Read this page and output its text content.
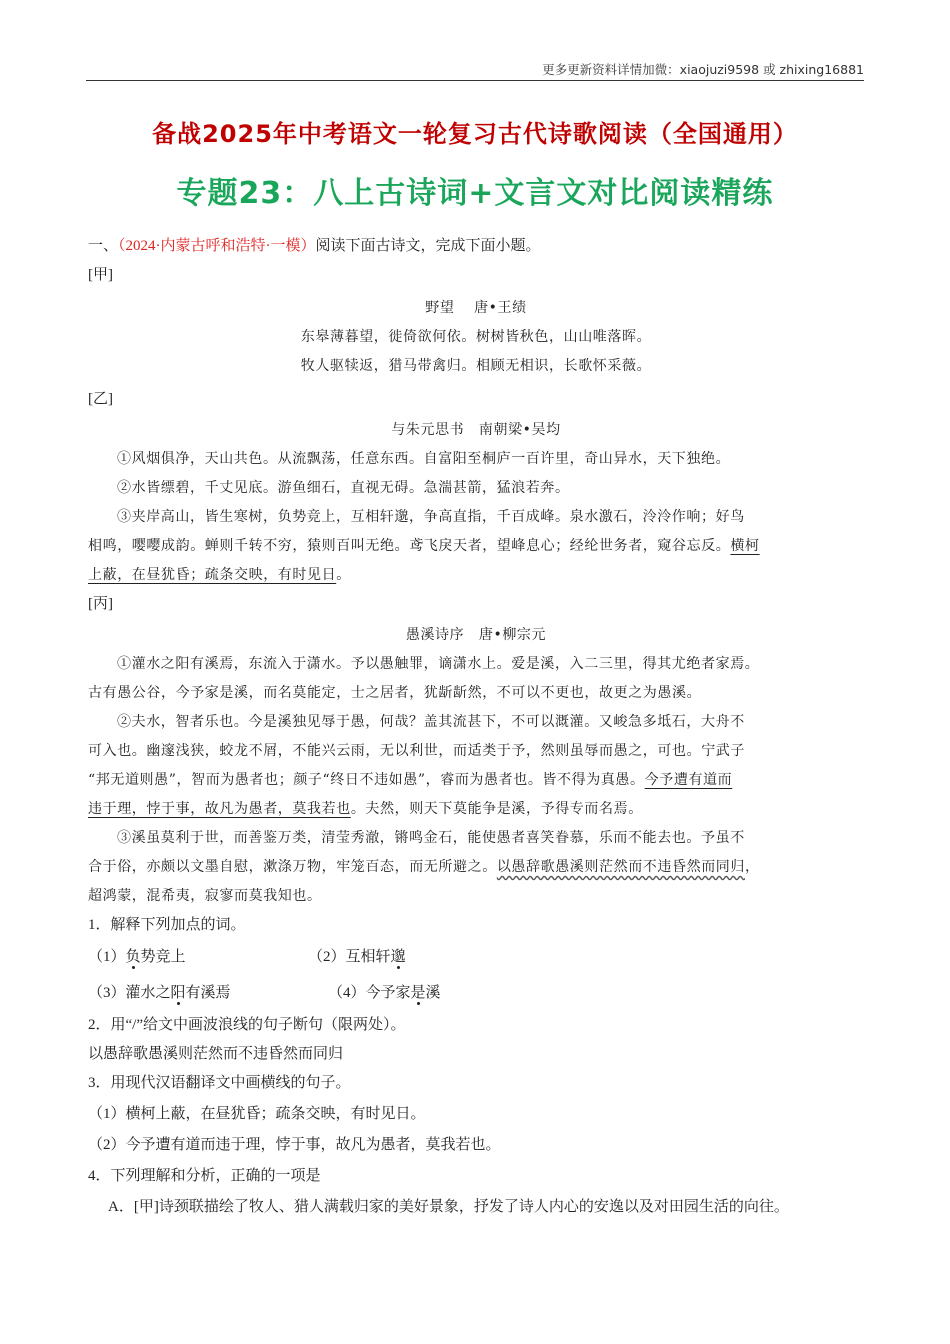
更多更新资料详情加微：xiaojuzi9598 或 zhixing16881
备战2025年中考语文一轮复习古代诗歌阅读（全国通用）
专题23：八上古诗词+文言文对比阅读精练
一、（2024·内蒙古呼和浩特·一模）阅读下面古诗文，完成下面小题。
[甲]
野望　 唐•王绩
东皋薄暮望，徙倚欲何依。树树皆秋色，山山唯落晖。
牧人驱犊返，猎马带禽归。相顾无相识，长歌怀采薇。
[乙]
与朱元思书　南朝梁•吴均
①风烟俱净，天山共色。从流飘荡，任意东西。自富阳至桐庐一百许里，奇山异水，天下独绝。
②水皆缥碧，千丈见底。游鱼细石，直视无碍。急湍甚箭，猛浪若奔。
③夹岸高山，皆生寒树，负势竞上，互相轩邈，争高直指，千百成峰。泉水激石，泠泠作响；好鸟
相鸣，嘤嘤成韵。蝉则千转不穷，猿则百叫无绝。鸢飞戾天者，望峰息心；经纶世务者，窥谷忘反。横柯
上蔽，在昼犹昏；疏条交映，有时见日。
[丙]
愚溪诗序　唐•柳宗元
①灌水之阳有溪焉，东流入于潇水。予以愚触罪，谪潇水上。爱是溪，入二三里，得其尤绝者家焉。
古有愚公谷，今予家是溪，而名莫能定，士之居者，犹龂龂然，不可以不更也，故更之为愚溪。
②夫水，智者乐也。今是溪独见辱于愚，何哉？盖其流甚下，不可以溉灌。又峻急多坻石，大舟不
可入也。幽邃浅狭，蛟龙不屑，不能兴云雨，无以利世，而适类于予，然则虽辱而愚之，可也。宁武子
“邦无道则愚”，智而为愚者也；颜子“终日不违如愚”，睿而为愚者也。皆不得为真愚。今予遭有道而
违于理，悖于事，故凡为愚者，莫我若也。夫然，则天下莫能争是溪，予得专而名焉。
③溪虽莫利于世，而善鉴万类，清莹秀澈，锵鸣金石，能使愚者喜笑眷慕，乐而不能去也。予虽不
合于俗，亦颇以文墨自慰，漱涤万物，牢笼百态，而无所避之。以愚辞歌愚溪则茫然而不违昏然而同归，
超鸿蒙，混希夷，寂寥而莫我知也。
1．解释下列加点的词。
（1）负势竞上	（2）互相轩邈
（3）灌水之阳有溪焉	（4）今予家是溪
2．用“/”给文中画波浪线的句子断句（限两处）。
以愚辞歌愚溪则茫然而不违昏然而同归
3．用现代汉语翻译文中画横线的句子。
（1）横柯上蔽，在昼犹昏；疏条交映，有时见日。
（2）今予遭有道而违于理，悖于事，故凡为愚者，莫我若也。
4．下列理解和分析，正确的一项是
A．[甲]诗颈联描绘了牧人、猎人满载归家的美好景象，抒发了诗人内心的安逸以及对田园生活的向往。
